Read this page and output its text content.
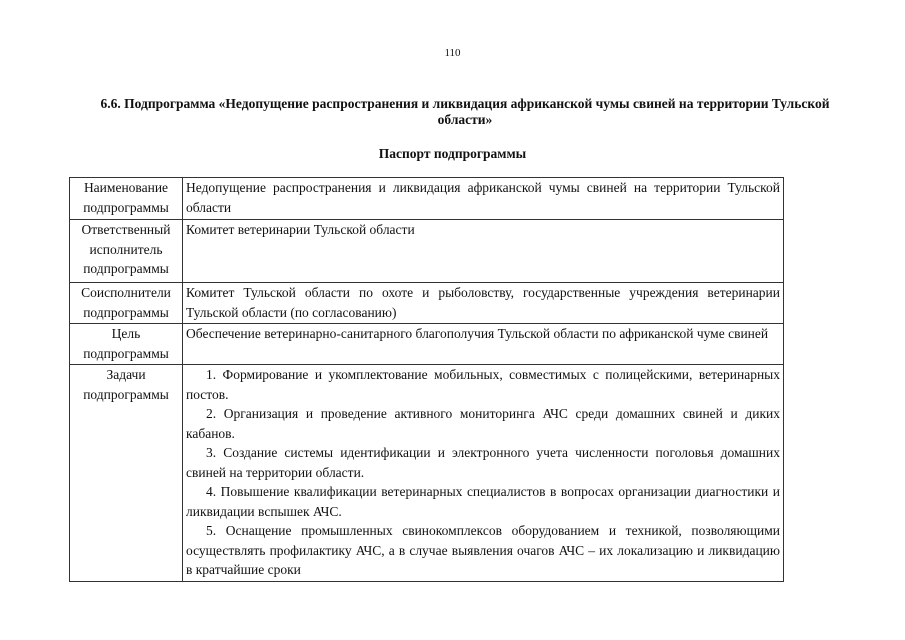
110
6.6. Подпрограмма «Недопущение распространения и ликвидация африканской чумы свиней на территории Тульской области»
Паспорт подпрограммы
Наименование подпрограммы	Недопущение распространения и ликвидация африканской чумы свиней на территории Тульской области
Ответственный исполнитель подпрограммы	Комитет ветеринарии Тульской области
Соисполнители подпрограммы	Комитет Тульской области по охоте и рыболовству, государственные учреждения ветеринарии Тульской области (по согласованию)
Цель подпрограммы	Обеспечение ветеринарно-санитарного благополучия Тульской области по африканской чуме свиней
Задачи подпрограммы	1. Формирование и укомплектование мобильных, совместимых с полицейскими, ветеринарных постов.
2. Организация и проведение активного мониторинга АЧС среди домашних свиней и диких кабанов.
3. Создание системы идентификации и электронного учета численности поголовья домашних свиней на территории области.
4. Повышение квалификации ветеринарных специалистов в вопросах организации диагностики и ликвидации вспышек АЧС.
5. Оснащение промышленных свинокомплексов оборудованием и техникой, позволяющими осуществлять профилактику АЧС, а в случае выявления очагов АЧС – их локализацию и ликвидацию в кратчайшие сроки
